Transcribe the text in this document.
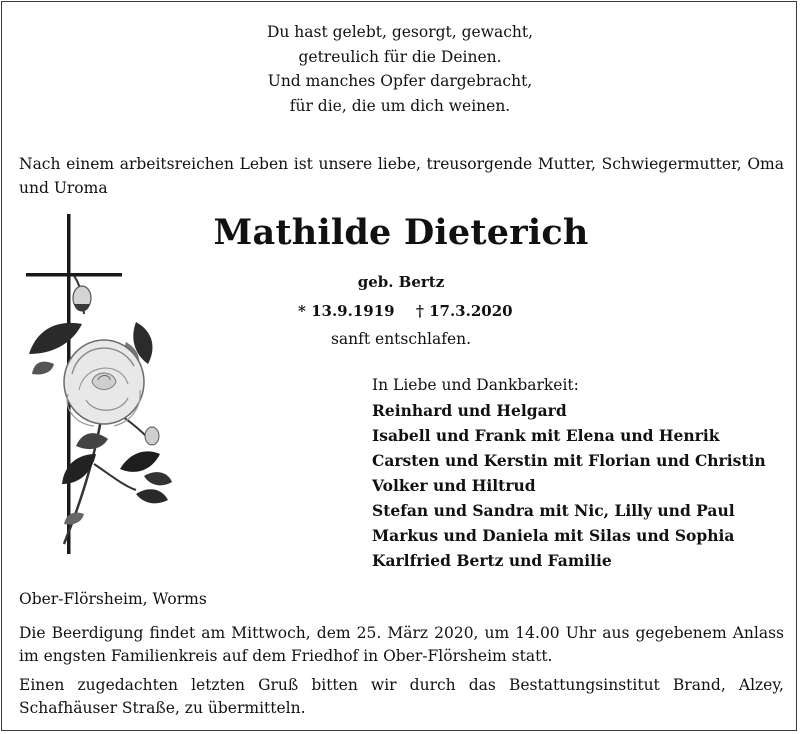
Du hast gelebt, gesorgt, gewacht,
getreulich für die Deinen.
Und manches Opfer dargebracht,
für die, die um dich weinen.
Nach einem arbeitsreichen Leben ist unsere liebe, treusorgende Mutter, Schwiegermutter, Oma und Uroma
Mathilde Dieterich
geb. Bertz
* 13.9.1919 † 17.3.2020
sanft entschlafen.
In Liebe und Dankbarkeit:
Reinhard und Helgard
Isabell und Frank mit Elena und Henrik
Carsten und Kerstin mit Florian und Christin
Volker und Hiltrud
Stefan und Sandra mit Nic, Lilly und Paul
Markus und Daniela mit Silas und Sophia
Karlfried Bertz und Familie
Ober-Flörsheim, Worms
Die Beerdigung findet am Mittwoch, dem 25. März 2020, um 14.00 Uhr aus gegebenem Anlass im engsten Familienkreis auf dem Friedhof in Ober-Flörsheim statt.
Einen zugedachten letzten Gruß bitten wir durch das Bestattungsinstitut Brand, Alzey, Schafhäuser Straße, zu übermitteln.
